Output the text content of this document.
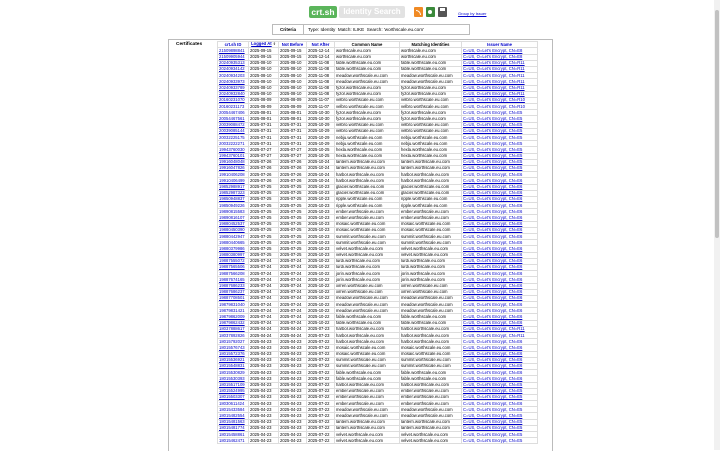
crt.sh	Identity Search	Group by Issuer
Criteria	Type: Identity Match: ILIKE Search: 'worthscale.eu.com'
Certificates	crt.sh ID	Logged At ⇧	Not Before	Not After	Common Name	Matching Identities	Issuer Name
21509898841	2025-09-15	2025-09-15	2025-12-14	worthscale.eu.com	worthscale.eu.com	C=US, O=Let's Encrypt, CN=E8
21509905944	2025-09-15	2025-09-15	2025-12-14	worthscale.eu.com	worthscale.eu.com	C=US, O=Let's Encrypt, CN=E8
20240935313	2025-08-10	2025-08-10	2025-11-08	fable.worthscale.eu.com	fable.worthscale.eu.com	C=US, O=Let's Encrypt, CN=R11
20240934142	2025-08-10	2025-08-10	2025-11-08	fable.worthscale.eu.com	fable.worthscale.eu.com	C=US, O=Let's Encrypt, CN=R11
20240934203	2025-08-10	2025-08-10	2025-11-08	meadow.worthscale.eu.com	meadow.worthscale.eu.com	C=US, O=Let's Encrypt, CN=R11
20240933973	2025-08-10	2025-08-10	2025-11-08	meadow.worthscale.eu.com	meadow.worthscale.eu.com	C=US, O=Let's Encrypt, CN=R11
20240933789	2025-08-10	2025-08-10	2025-11-08	fyzor.worthscale.eu.com	fyzor.worthscale.eu.com	C=US, O=Let's Encrypt, CN=R11
20240932840	2025-08-10	2025-08-10	2025-11-08	fyzor.worthscale.eu.com	fyzor.worthscale.eu.com	C=US, O=Let's Encrypt, CN=R11
20160231070	2025-08-09	2025-08-09	2025-11-07	velbro.worthscale.eu.com	velbro.worthscale.eu.com	C=US, O=Let's Encrypt, CN=R10
20160231173	2025-08-09	2025-08-09	2025-11-07	velbro.worthscale.eu.com	velbro.worthscale.eu.com	C=US, O=Let's Encrypt, CN=R10
20054467406	2025-08-01	2025-08-01	2025-10-30	fyzor.worthscale.eu.com	fyzor.worthscale.eu.com	C=US, O=Let's Encrypt, CN=E5
20054467561	2025-08-01	2025-08-01	2025-10-30	fyzor.worthscale.eu.com	fyzor.worthscale.eu.com	C=US, O=Let's Encrypt, CN=E5
20039088472	2025-07-31	2025-07-31	2025-10-29	velbro.worthscale.eu.com	velbro.worthscale.eu.com	C=US, O=Let's Encrypt, CN=E5
20039085144	2025-07-31	2025-07-31	2025-10-29	velbro.worthscale.eu.com	velbro.worthscale.eu.com	C=US, O=Let's Encrypt, CN=E5
20032225175	2025-07-31	2025-07-31	2025-10-29	nebju.worthscale.eu.com	nebju.worthscale.eu.com	C=US, O=Let's Encrypt, CN=E5
20032222271	2025-07-31	2025-07-31	2025-10-29	nebju.worthscale.eu.com	nebju.worthscale.eu.com	C=US, O=Let's Encrypt, CN=E5
19943760030	2025-07-27	2025-07-27	2025-10-25	hexla.worthscale.eu.com	hexla.worthscale.eu.com	C=US, O=Let's Encrypt, CN=E5
19943760101	2025-07-27	2025-07-27	2025-10-25	hexla.worthscale.eu.com	hexla.worthscale.eu.com	C=US, O=Let's Encrypt, CN=E5
19916048048	2025-07-26	2025-07-26	2025-10-24	lantern.worthscale.eu.com	lantern.worthscale.eu.com	C=US, O=Let's Encrypt, CN=E5
19916047826	2025-07-26	2025-07-26	2025-10-24	lantern.worthscale.eu.com	lantern.worthscale.eu.com	C=US, O=Let's Encrypt, CN=E5
19910406208	2025-07-26	2025-07-26	2025-10-24	harbor.worthscale.eu.com	harbor.worthscale.eu.com	C=US, O=Let's Encrypt, CN=E6
19910406499	2025-07-26	2025-07-26	2025-10-24	harbor.worthscale.eu.com	harbor.worthscale.eu.com	C=US, O=Let's Encrypt, CN=E6
19852988917	2025-07-25	2025-07-25	2025-10-23	glacier.worthscale.eu.com	glacier.worthscale.eu.com	C=US, O=Let's Encrypt, CN=E6
19852987323	2025-07-25	2025-07-25	2025-10-23	glacier.worthscale.eu.com	glacier.worthscale.eu.com	C=US, O=Let's Encrypt, CN=E6
19850948837	2025-07-25	2025-07-25	2025-10-23	ripple.worthscale.eu.com	ripple.worthscale.eu.com	C=US, O=Let's Encrypt, CN=E6
19850949226	2025-07-25	2025-07-25	2025-10-23	ripple.worthscale.eu.com	ripple.worthscale.eu.com	C=US, O=Let's Encrypt, CN=E6
19890815583	2025-07-25	2025-07-25	2025-10-23	ember.worthscale.eu.com	ember.worthscale.eu.com	C=US, O=Let's Encrypt, CN=E6
19890816107	2025-07-25	2025-07-25	2025-10-23	ember.worthscale.eu.com	ember.worthscale.eu.com	C=US, O=Let's Encrypt, CN=E6
19880452537	2025-07-25	2025-07-25	2025-10-23	mosaic.worthscale.eu.com	mosaic.worthscale.eu.com	C=US, O=Let's Encrypt, CN=E6
19880450390	2025-07-25	2025-07-25	2025-10-23	mosaic.worthscale.eu.com	mosaic.worthscale.eu.com	C=US, O=Let's Encrypt, CN=E6
19880442947	2025-07-25	2025-07-25	2025-10-23	summit.worthscale.eu.com	summit.worthscale.eu.com	C=US, O=Let's Encrypt, CN=E6
19880440665	2025-07-25	2025-07-25	2025-10-23	summit.worthscale.eu.com	summit.worthscale.eu.com	C=US, O=Let's Encrypt, CN=E6
19880379986	2025-07-25	2025-07-25	2025-10-23	velvet.worthscale.eu.com	velvet.worthscale.eu.com	C=US, O=Let's Encrypt, CN=E6
19880380997	2025-07-25	2025-07-25	2025-10-23	velvet.worthscale.eu.com	velvet.worthscale.eu.com	C=US, O=Let's Encrypt, CN=E6
19887555072	2025-07-24	2025-07-24	2025-10-22	lurdi.worthscale.eu.com	lurdi.worthscale.eu.com	C=US, O=Let's Encrypt, CN=E6
19887565506	2025-07-24	2025-07-24	2025-10-22	lurdi.worthscale.eu.com	lurdi.worthscale.eu.com	C=US, O=Let's Encrypt, CN=E6
19887566208	2025-07-24	2025-07-24	2025-10-22	jorin.worthscale.eu.com	jorin.worthscale.eu.com	C=US, O=Let's Encrypt, CN=E6
19887674165	2025-07-24	2025-07-24	2025-10-22	jorin.worthscale.eu.com	jorin.worthscale.eu.com	C=US, O=Let's Encrypt, CN=E6
19887686233	2025-07-24	2025-07-24	2025-10-22	xirren.worthscale.eu.com	xirren.worthscale.eu.com	C=US, O=Let's Encrypt, CN=E6
19887686237	2025-07-24	2025-07-24	2025-10-22	xirren.worthscale.eu.com	xirren.worthscale.eu.com	C=US, O=Let's Encrypt, CN=E6
19887708501	2025-07-24	2025-07-24	2025-10-22	meadow.worthscale.eu.com	meadow.worthscale.eu.com	C=US, O=Let's Encrypt, CN=E6
19879831040	2025-07-24	2025-07-24	2025-10-22	meadow.worthscale.eu.com	meadow.worthscale.eu.com	C=US, O=Let's Encrypt, CN=E6
19879831421	2025-07-24	2025-07-24	2025-10-22	meadow.worthscale.eu.com	meadow.worthscale.eu.com	C=US, O=Let's Encrypt, CN=E6
19879862009	2025-07-24	2025-07-24	2025-10-22	fable.worthscale.eu.com	fable.worthscale.eu.com	C=US, O=Let's Encrypt, CN=E6
19879862432	2025-07-24	2025-07-24	2025-10-22	fable.worthscale.eu.com	fable.worthscale.eu.com	C=US, O=Let's Encrypt, CN=E6
18037888617	2025-04-24	2025-04-24	2025-07-23	harbor.worthscale.eu.com	harbor.worthscale.eu.com	C=US, O=Let's Encrypt, CN=R11
18037892826	2025-04-24	2025-04-24	2025-07-23	harbor.worthscale.eu.com	harbor.worthscale.eu.com	C=US, O=Let's Encrypt, CN=R11
18015792027	2025-04-23	2025-04-23	2025-07-22	harbor.worthscale.eu.com	harbor.worthscale.eu.com	C=US, O=Let's Encrypt, CN=E6
18015576743	2025-04-23	2025-04-23	2025-07-22	mosaic.worthscale.eu.com	mosaic.worthscale.eu.com	C=US, O=Let's Encrypt, CN=E6
18015572376	2025-04-23	2025-04-23	2025-07-22	mosaic.worthscale.eu.com	mosaic.worthscale.eu.com	C=US, O=Let's Encrypt, CN=E6
18015536921	2025-04-23	2025-04-23	2025-07-22	summit.worthscale.eu.com	summit.worthscale.eu.com	C=US, O=Let's Encrypt, CN=E6
18015548831	2025-04-23	2025-04-23	2025-07-22	summit.worthscale.eu.com	summit.worthscale.eu.com	C=US, O=Let's Encrypt, CN=E6
18015530829	2025-04-23	2025-04-23	2025-07-22	fable.worthscale.eu.com	fable.worthscale.eu.com	C=US, O=Let's Encrypt, CN=E6
18015530393	2025-04-23	2025-04-23	2025-07-22	fable.worthscale.eu.com	fable.worthscale.eu.com	C=US, O=Let's Encrypt, CN=E6
18015517109	2025-04-23	2025-04-23	2025-07-22	harbor.worthscale.eu.com	harbor.worthscale.eu.com	C=US, O=Let's Encrypt, CN=E5
18015524995	2025-04-23	2025-04-23	2025-07-22	ember.worthscale.eu.com	ember.worthscale.eu.com	C=US, O=Let's Encrypt, CN=E5
18015503307	2025-04-23	2025-04-23	2025-07-22	ember.worthscale.eu.com	ember.worthscale.eu.com	C=US, O=Let's Encrypt, CN=E5
18030611424	2025-04-23	2025-04-23	2025-07-22	ember.worthscale.eu.com	ember.worthscale.eu.com	C=US, O=Let's Encrypt, CN=E6
18015433584	2025-04-23	2025-04-23	2025-07-22	meadow.worthscale.eu.com	meadow.worthscale.eu.com	C=US, O=Let's Encrypt, CN=E5
18015482554	2025-04-23	2025-04-23	2025-07-22	meadow.worthscale.eu.com	meadow.worthscale.eu.com	C=US, O=Let's Encrypt, CN=E5
18015481563	2025-04-23	2025-04-23	2025-07-22	lantern.worthscale.eu.com	lantern.worthscale.eu.com	C=US, O=Let's Encrypt, CN=E5
18015481774	2025-04-23	2025-04-23	2025-07-22	lantern.worthscale.eu.com	lantern.worthscale.eu.com	C=US, O=Let's Encrypt, CN=E5
18015458861	2025-04-23	2025-04-23	2025-07-22	velvet.worthscale.eu.com	velvet.worthscale.eu.com	C=US, O=Let's Encrypt, CN=E5
18015462471	2025-04-23	2025-04-23	2025-07-22	velvet.worthscale.eu.com	velvet.worthscale.eu.com	C=US, O=Let's Encrypt, CN=E5
